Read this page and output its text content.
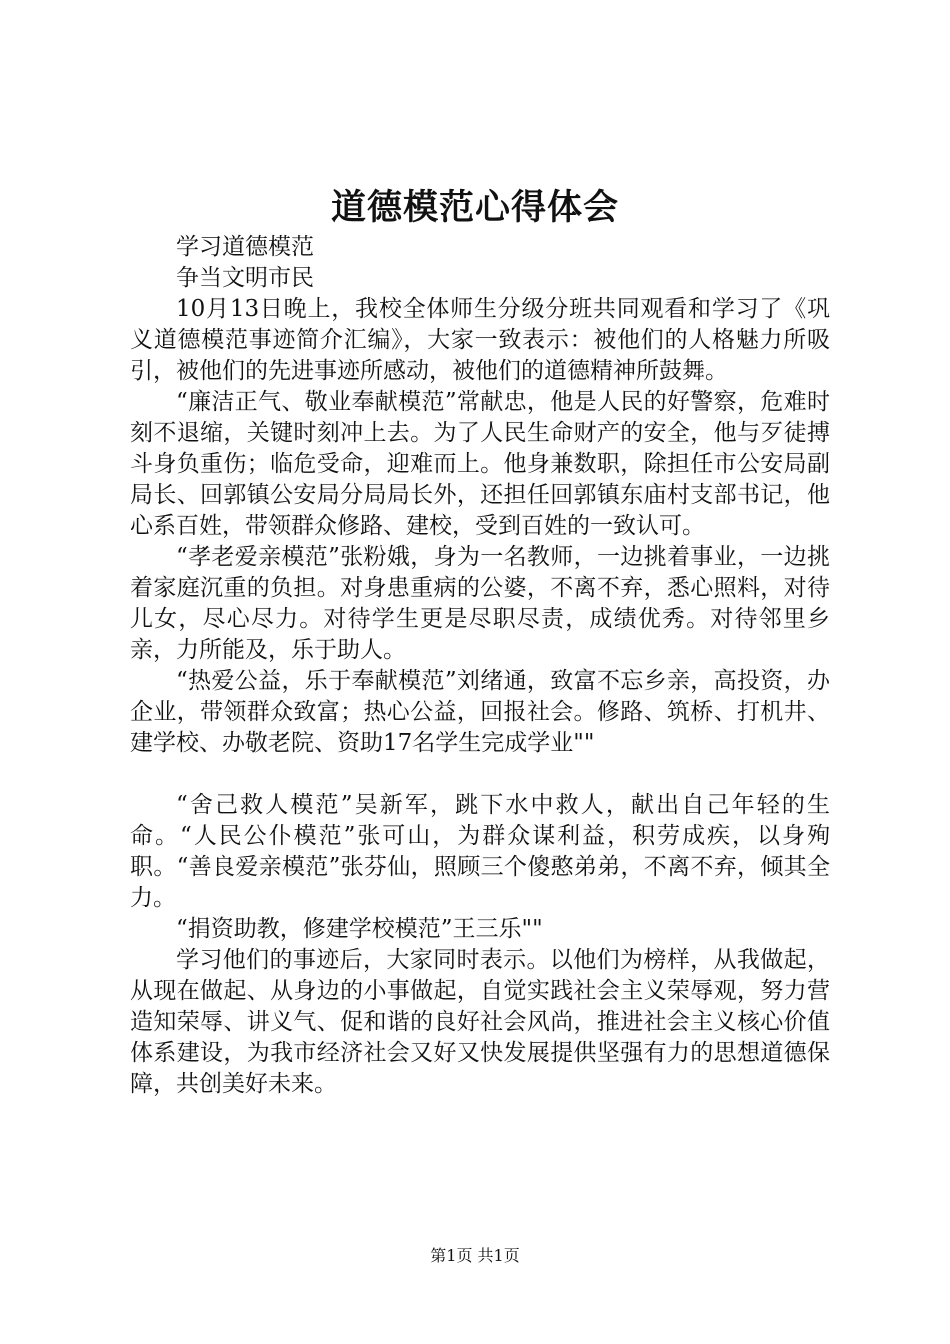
道德模范心得体会

学习道德模范

争当文明市民

10月13日晚上，我校全体师生分级分班共同观看和学习了《巩义道德模范事迹简介汇编》，大家一致表示：被他们的人格魅力所吸引，被他们的先进事迹所感动，被他们的道德精神所鼓舞。

“廉洁正气、敬业奉献模范”常献忠，他是人民的好警察，危难时刻不退缩，关键时刻冲上去。为了人民生命财产的安全，他与歹徒搏斗身负重伤；临危受命，迎难而上。他身兼数职，除担任市公安局副局长、回郭镇公安局分局局长外，还担任回郭镇东庙村支部书记，他心系百姓，带领群众修路、建校，受到百姓的一致认可。

“孝老爱亲模范”张粉娥，身为一名教师，一边挑着事业，一边挑着家庭沉重的负担。对身患重病的公婆，不离不弃，悉心照料，对待儿女，尽心尽力。对待学生更是尽职尽责，成绩优秀。对待邻里乡亲，力所能及，乐于助人。

“热爱公益，乐于奉献模范”刘绪通，致富不忘乡亲，高投资，办企业，带领群众致富；热心公益，回报社会。修路、筑桥、打机井、建学校、办敬老院、资助17名学生完成学业""

“舍己救人模范”吴新军，跳下水中救人，献出自己年轻的生命。“人民公仆模范”张可山，为群众谋利益，积劳成疾，以身殉职。“善良爱亲模范”张芬仙，照顾三个傻憨弟弟，不离不弃，倾其全力。

“捐资助教，修建学校模范”王三乐""

学习他们的事迹后，大家同时表示。以他们为榜样，从我做起，从现在做起、从身边的小事做起，自觉实践社会主义荣辱观，努力营造知荣辱、讲义气、促和谐的良好社会风尚，推进社会主义核心价值体系建设，为我市经济社会又好又快发展提供坚强有力的思想道德保障，共创美好未来。

第1页 共1页
